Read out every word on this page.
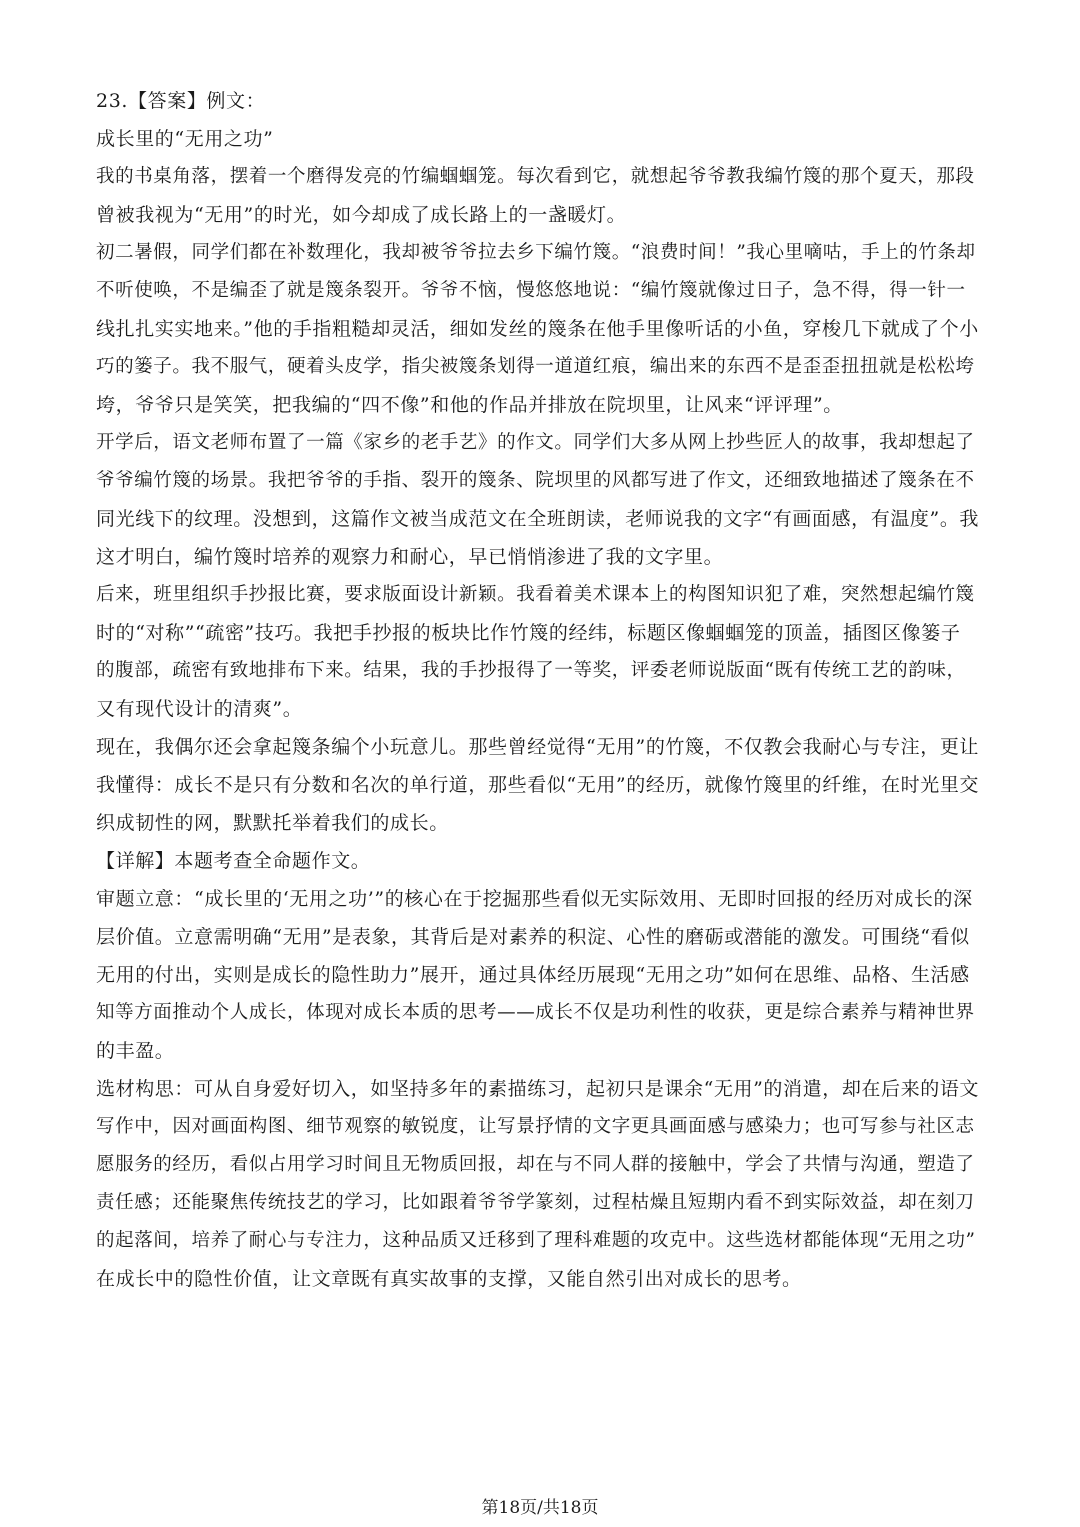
23.【答案】例文：
成长里的“无用之功”
我的书桌角落，摆着一个磨得发亮的竹编蝈蝈笼。每次看到它，就想起爷爷教我编竹篾的那个夏天，那段
曾被我视为“无用”的时光，如今却成了成长路上的一盏暖灯。
初二暑假，同学们都在补数理化，我却被爷爷拉去乡下编竹篾。“浪费时间！”我心里嘀咕，手上的竹条却
不听使唤，不是编歪了就是篾条裂开。爷爷不恼，慢悠悠地说：“编竹篾就像过日子，急不得，得一针一
线扎扎实实地来。”他的手指粗糙却灵活，细如发丝的篾条在他手里像听话的小鱼，穿梭几下就成了个小
巧的篓子。我不服气，硬着头皮学，指尖被篾条划得一道道红痕，编出来的东西不是歪歪扭扭就是松松垮
垮，爷爷只是笑笑，把我编的“四不像”和他的作品并排放在院坝里，让风来“评评理”。
开学后，语文老师布置了一篇《家乡的老手艺》的作文。同学们大多从网上抄些匠人的故事，我却想起了
爷爷编竹篾的场景。我把爷爷的手指、裂开的篾条、院坝里的风都写进了作文，还细致地描述了篾条在不
同光线下的纹理。没想到，这篇作文被当成范文在全班朗读，老师说我的文字“有画面感，有温度”。我
这才明白，编竹篾时培养的观察力和耐心，早已悄悄渗进了我的文字里。
后来，班里组织手抄报比赛，要求版面设计新颖。我看着美术课本上的构图知识犯了难，突然想起编竹篾
时的“对称”“疏密”技巧。我把手抄报的板块比作竹篾的经纬，标题区像蝈蝈笼的顶盖，插图区像篓子
的腹部，疏密有致地排布下来。结果，我的手抄报得了一等奖，评委老师说版面“既有传统工艺的韵味，
又有现代设计的清爽”。
现在，我偶尔还会拿起篾条编个小玩意儿。那些曾经觉得“无用”的竹篾，不仅教会我耐心与专注，更让
我懂得：成长不是只有分数和名次的单行道，那些看似“无用”的经历，就像竹篾里的纤维，在时光里交
织成韧性的网，默默托举着我们的成长。
【详解】本题考查全命题作文。
审题立意：“成长里的‘无用之功’”的核心在于挖掘那些看似无实际效用、无即时回报的经历对成长的深
层价值。立意需明确“无用”是表象，其背后是对素养的积淀、心性的磨砺或潜能的激发。可围绕“看似
无用的付出，实则是成长的隐性助力”展开，通过具体经历展现“无用之功”如何在思维、品格、生活感
知等方面推动个人成长，体现对成长本质的思考——成长不仅是功利性的收获，更是综合素养与精神世界
的丰盈。
选材构思：可从自身爱好切入，如坚持多年的素描练习，起初只是课余“无用”的消遣，却在后来的语文
写作中，因对画面构图、细节观察的敏锐度，让写景抒情的文字更具画面感与感染力；也可写参与社区志
愿服务的经历，看似占用学习时间且无物质回报，却在与不同人群的接触中，学会了共情与沟通，塑造了
责任感；还能聚焦传统技艺的学习，比如跟着爷爷学篆刻，过程枯燥且短期内看不到实际效益，却在刻刀
的起落间，培养了耐心与专注力，这种品质又迁移到了理科难题的攻克中。这些选材都能体现“无用之功”
在成长中的隐性价值，让文章既有真实故事的支撑，又能自然引出对成长的思考。
第18页/共18页
